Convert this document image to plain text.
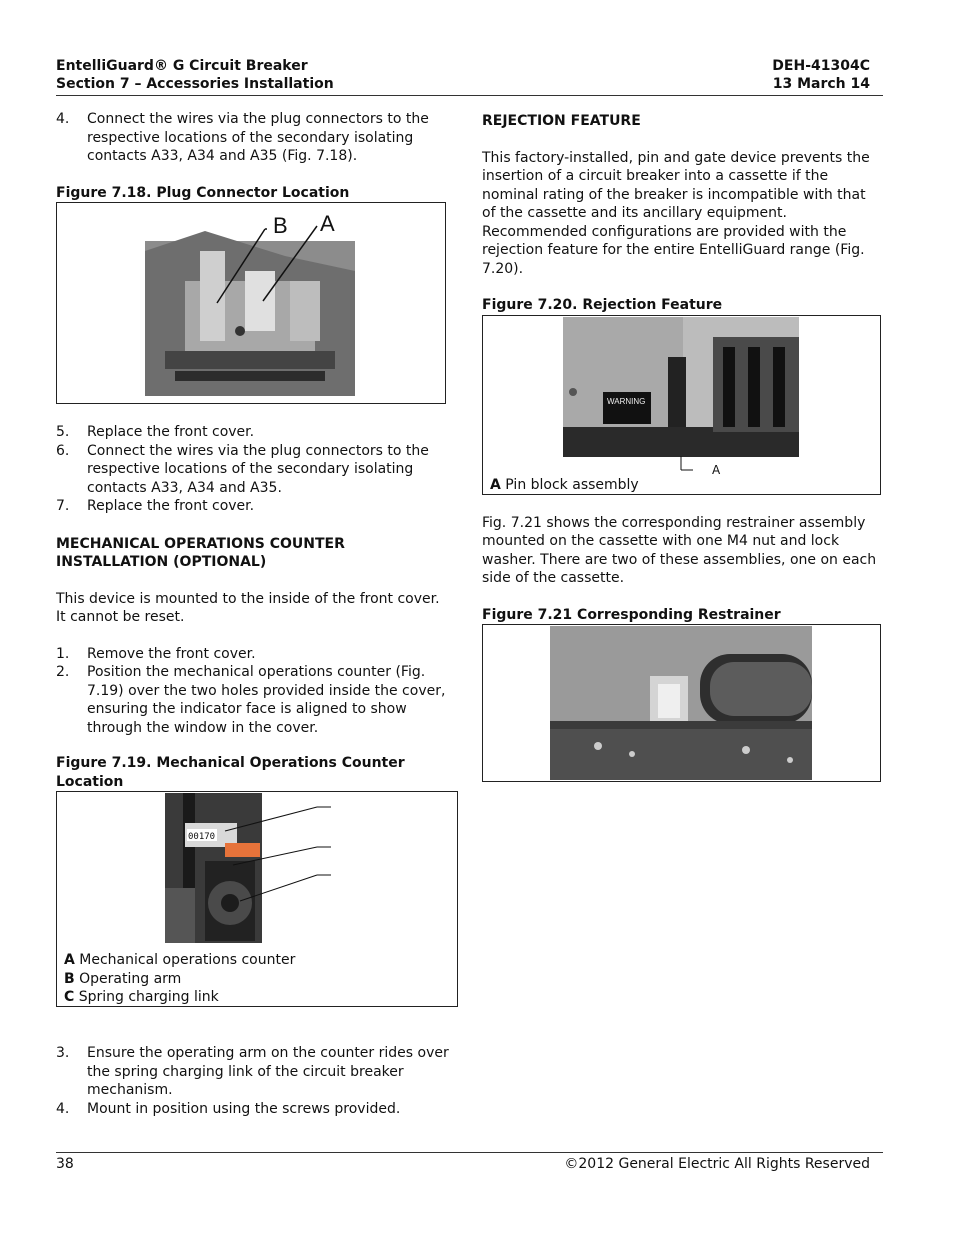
EntelliGuard® G Circuit Breaker	DEH-41304C
Section 7 – Accessories Installation	13 March 14
4. Connect the wires via the plug connectors to the respective locations of the secondary isolating contacts A33, A34 and A35 (Fig. 7.18).
Figure 7.18. Plug Connector Location
B A
5. Replace the front cover.
6. Connect the wires via the plug connectors to the respective locations of the secondary isolating contacts A33, A34 and A35.
7. Replace the front cover.
MECHANICAL OPERATIONS COUNTER INSTALLATION (OPTIONAL)

This device is mounted to the inside of the front cover. It cannot be reset.

1. Remove the front cover.
2. Position the mechanical operations counter (Fig. 7.19) over the two holes provided inside the cover, ensuring the indicator face is aligned to show through the window in the cover.
Figure 7.19. Mechanical Operations Counter Location
00170
A Mechanical operations counter
B Operating arm
C Spring charging link
3. Ensure the operating arm on the counter rides over the spring charging link of the circuit breaker mechanism.
4. Mount in position using the screws provided.
REJECTION FEATURE

This factory-installed, pin and gate device prevents the insertion of a circuit breaker into a cassette if the nominal rating of the breaker is incompatible with that of the cassette and its ancillary equipment. Recommended configurations are provided with the rejection feature for the entire EntelliGuard range (Fig. 7.20).

Figure 7.20. Rejection Feature
WARNING
A
A Pin block assembly

Fig. 7.21 shows the corresponding restrainer assembly mounted on the cassette with one M4 nut and lock washer. There are two of these assemblies, one on each side of the cassette.

Figure 7.21 Corresponding Restrainer
38	©2012 General Electric All Rights Reserved
